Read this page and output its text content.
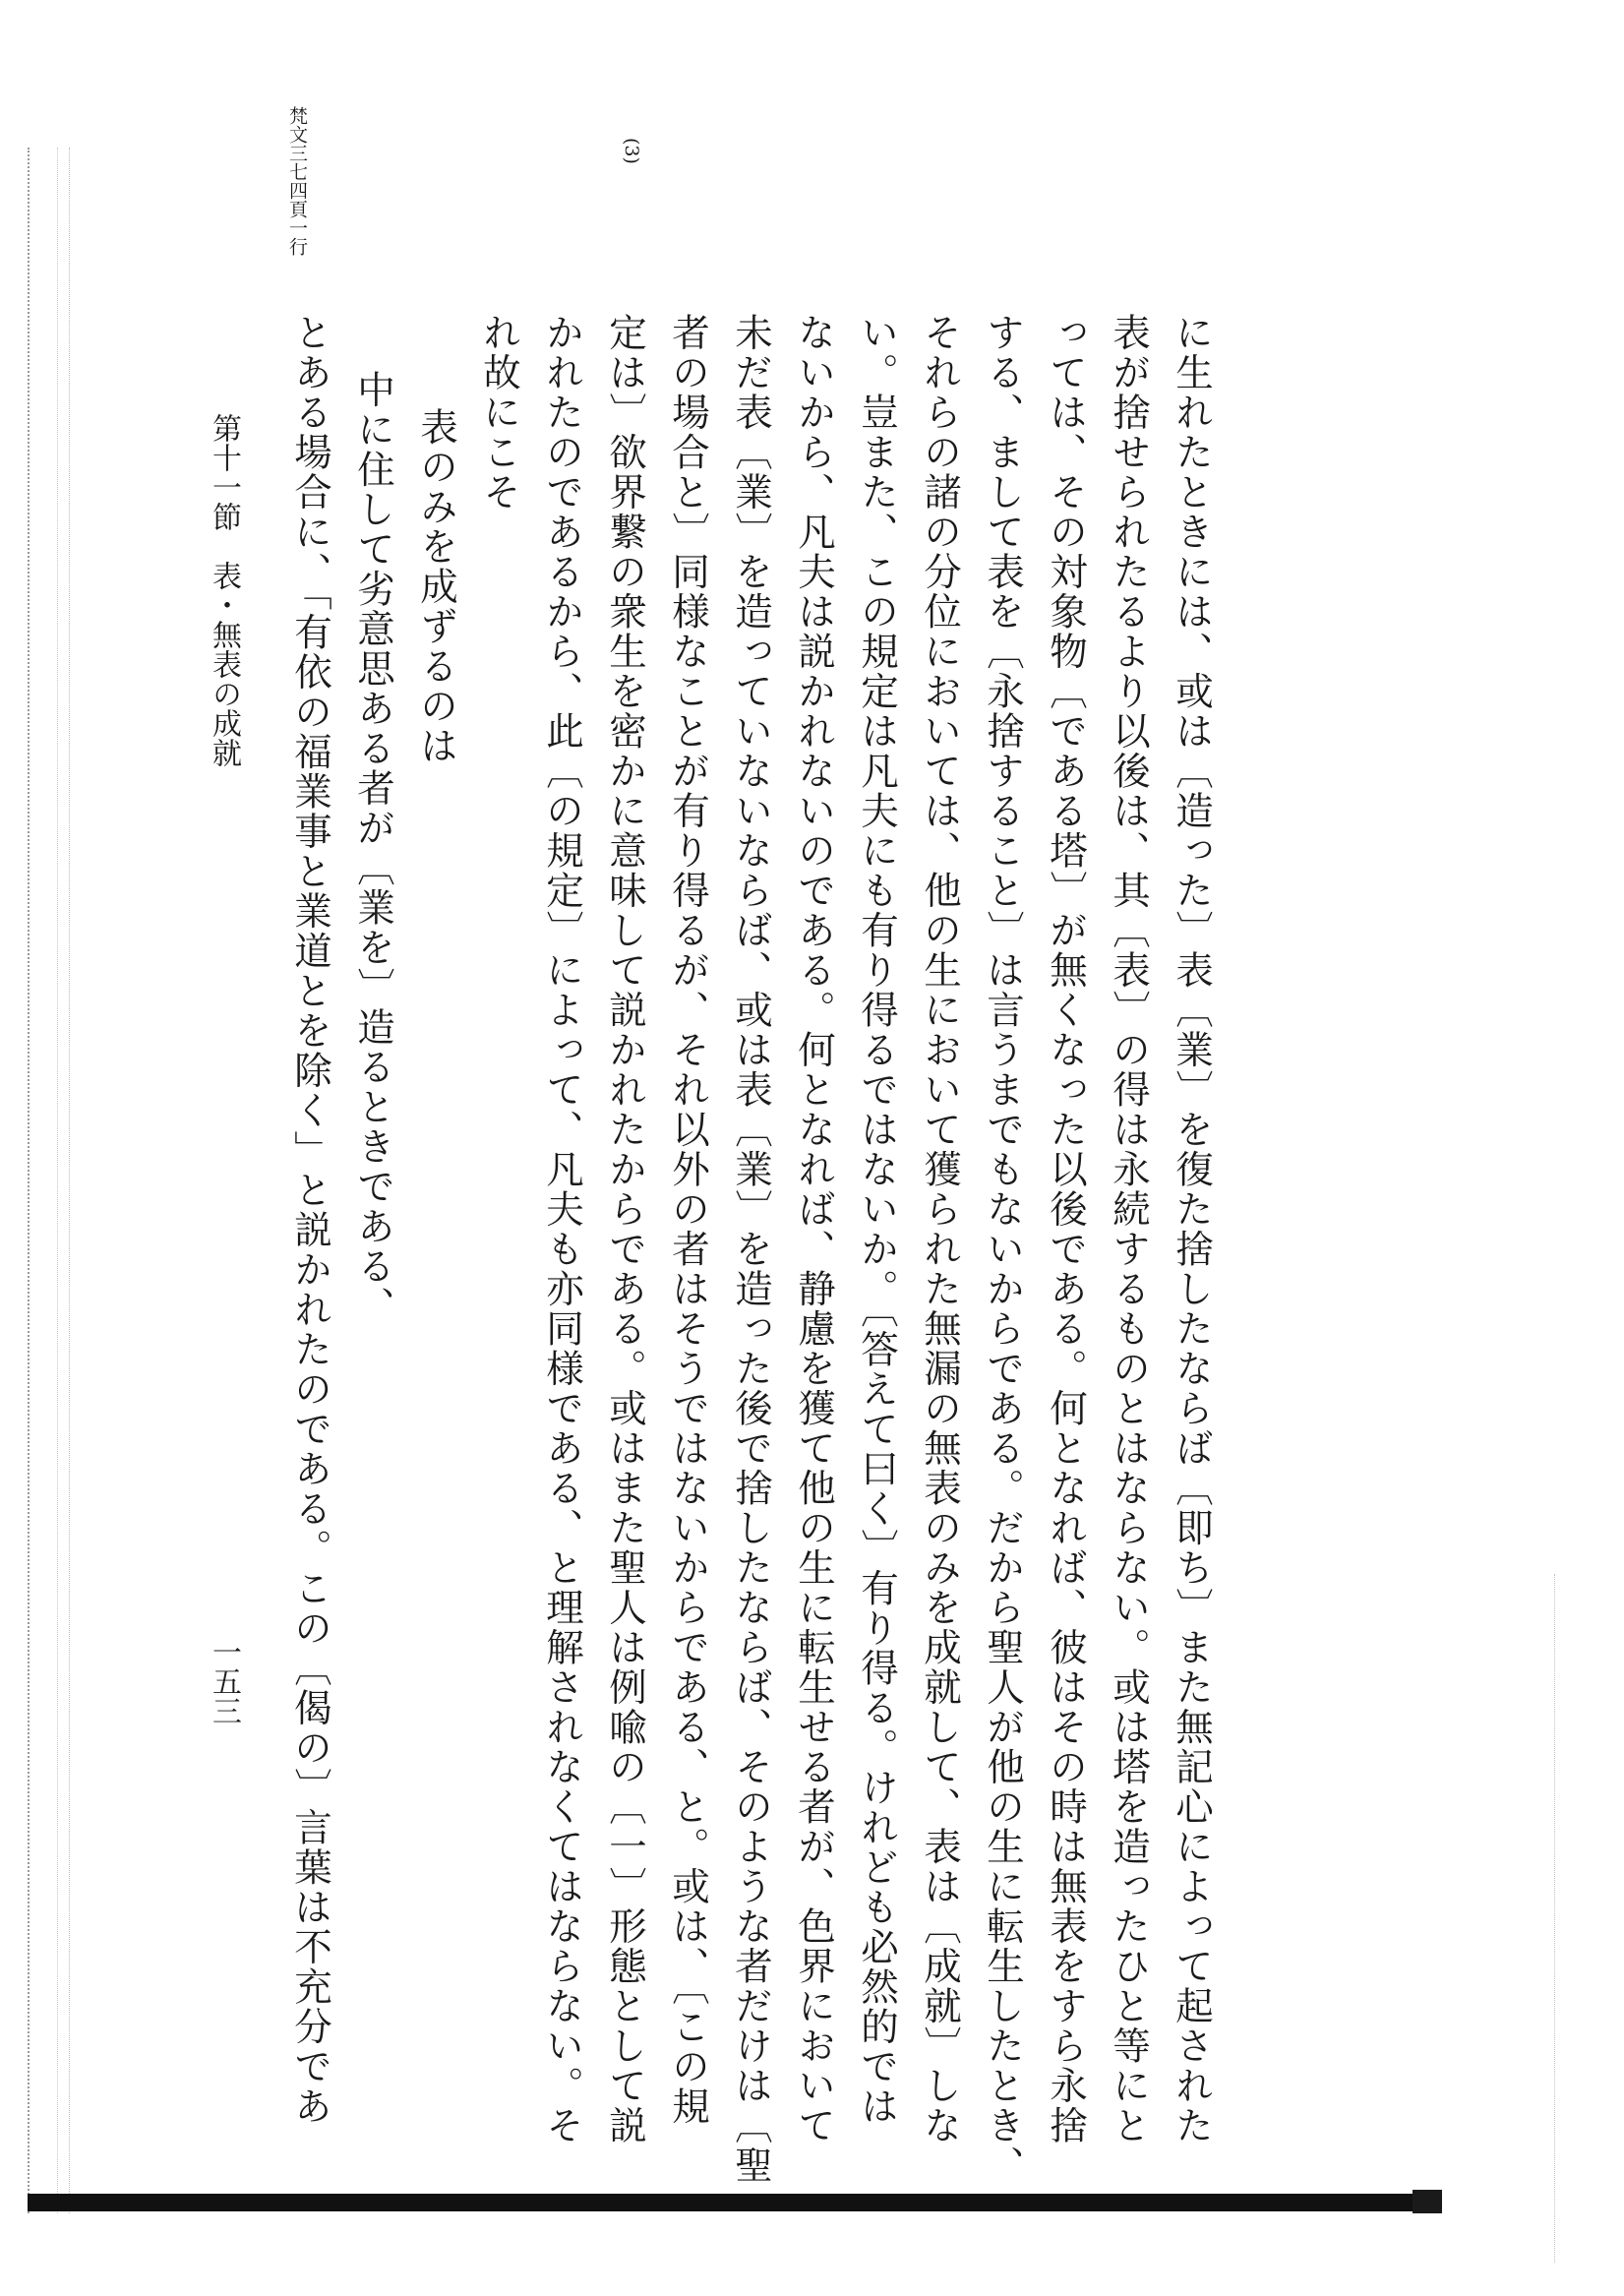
に生れたときには、或は〔造った〕表〔業〕を復た捨したならば〔即ち〕また無記心によって起された
表が捨せられたるより以後は、其〔表〕の得は永続するものとはならない。或は塔を造ったひと等にと
っては、その対象物〔である塔〕が無くなった以後である。何となれば、彼はその時は無表をすら永捨
する、まして表を〔永捨すること〕は言うまでもないからである。だから聖人が他の生に転生したとき、
それらの諸の分位においては、他の生において獲られた無漏の無表のみを成就して、表は〔成就〕しな
い。豈また、この規定は凡夫にも有り得るではないか。〔答えて曰く〕有り得る。けれども必然的では
ないから、凡夫は説かれないのである。何となれば、静慮を獲て他の生に転生せる者が、色界において
未だ表〔業〕を造っていないならば、或は表〔業〕を造った後で捨したならば、そのような者だけは〔聖
者の場合と〕同様なことが有り得るが、それ以外の者はそうではないからである、と。或は、〔この規
定は〕欲界繋の衆生を密かに意味して説かれたからである。或はまた聖人は例喩の〔一〕形態として説
(3)
かれたのであるから、此〔の規定〕によって、凡夫も亦同様である、と理解されなくてはならない。そ
れ故にこそ
表のみを成ずるのは
中に住して劣意思ある者が〔業を〕造るときである、
とある場合に、「有依の福業事と業道とを除く」と説かれたのである。この〔偈の〕言葉は不充分であ
梵文三七四頁一行
第十一節　表・無表の成就
一五三
